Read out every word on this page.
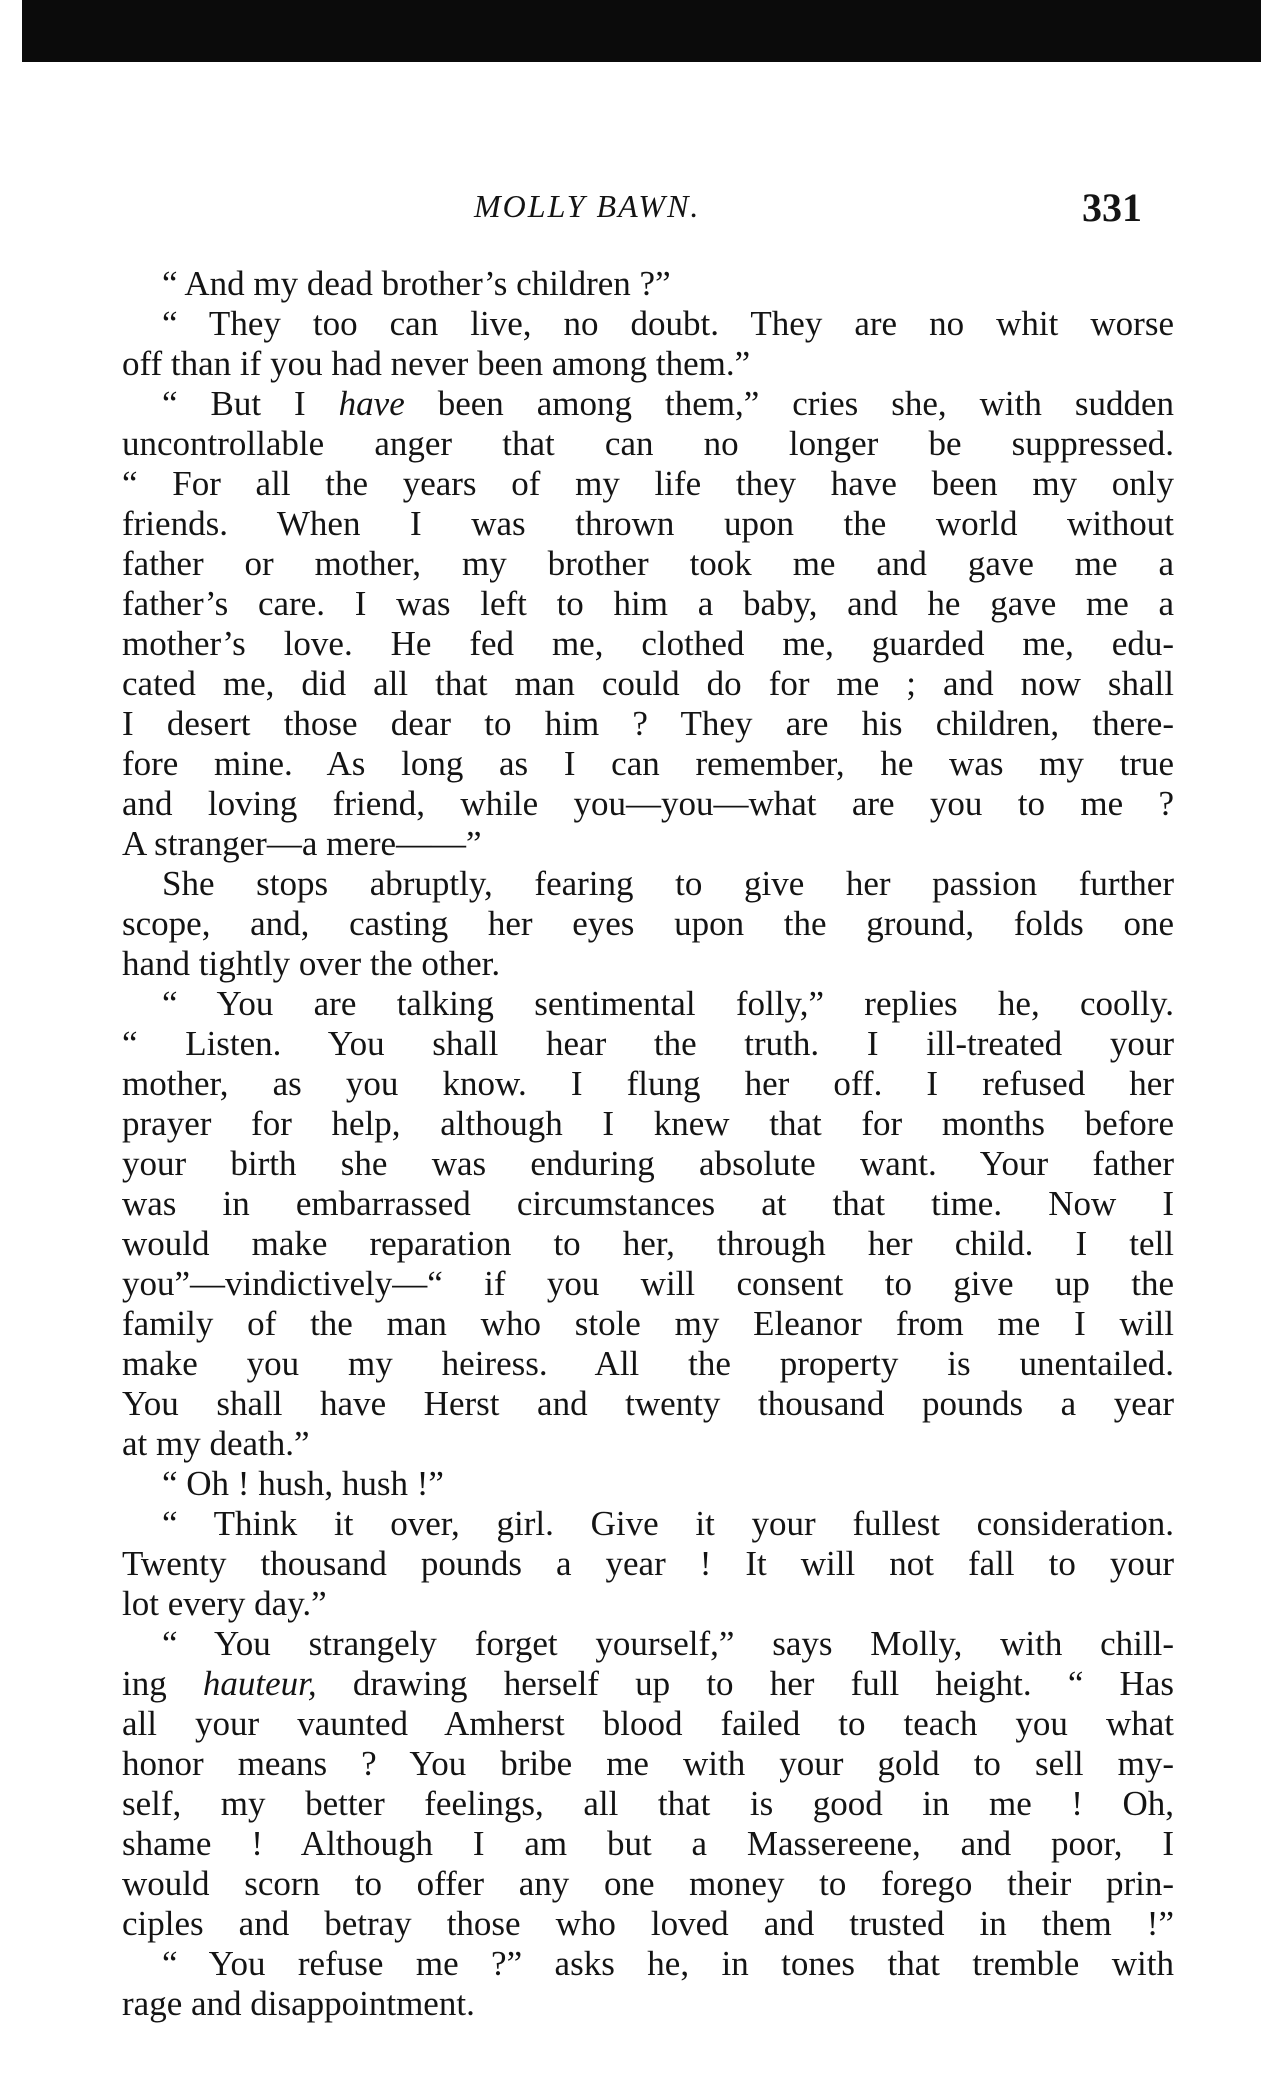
MOLLY BAWN.	331
“ And my dead brother’s children ?”
“ They too can live, no doubt. They are no whit worse
off than if you had never been among them.”
“ But I have been among them,” cries she, with sudden
uncontrollable anger that can no longer be suppressed.
“ For all the years of my life they have been my only
friends. When I was thrown upon the world without
father or mother, my brother took me and gave me a
father’s care. I was left to him a baby, and he gave me a
mother’s love. He fed me, clothed me, guarded me, edu-
cated me, did all that man could do for me ; and now shall
I desert those dear to him ? They are his children, there-
fore mine. As long as I can remember, he was my true
and loving friend, while you—you—what are you to me ?
A stranger—a mere——”
She stops abruptly, fearing to give her passion further
scope, and, casting her eyes upon the ground, folds one
hand tightly over the other.
“ You are talking sentimental folly,” replies he, coolly.
“ Listen. You shall hear the truth. I ill-treated your
mother, as you know. I flung her off. I refused her
prayer for help, although I knew that for months before
your birth she was enduring absolute want. Your father
was in embarrassed circumstances at that time. Now I
would make reparation to her, through her child. I tell
you”—vindictively—“ if you will consent to give up the
family of the man who stole my Eleanor from me I will
make you my heiress. All the property is unentailed.
You shall have Herst and twenty thousand pounds a year
at my death.”
“ Oh ! hush, hush !”
“ Think it over, girl. Give it your fullest consideration.
Twenty thousand pounds a year ! It will not fall to your
lot every day.”
“ You strangely forget yourself,” says Molly, with chill-
ing hauteur, drawing herself up to her full height. “ Has
all your vaunted Amherst blood failed to teach you what
honor means ? You bribe me with your gold to sell my-
self, my better feelings, all that is good in me ! Oh,
shame ! Although I am but a Massereene, and poor, I
would scorn to offer any one money to forego their prin-
ciples and betray those who loved and trusted in them !”
“ You refuse me ?” asks he, in tones that tremble with
rage and disappointment.
